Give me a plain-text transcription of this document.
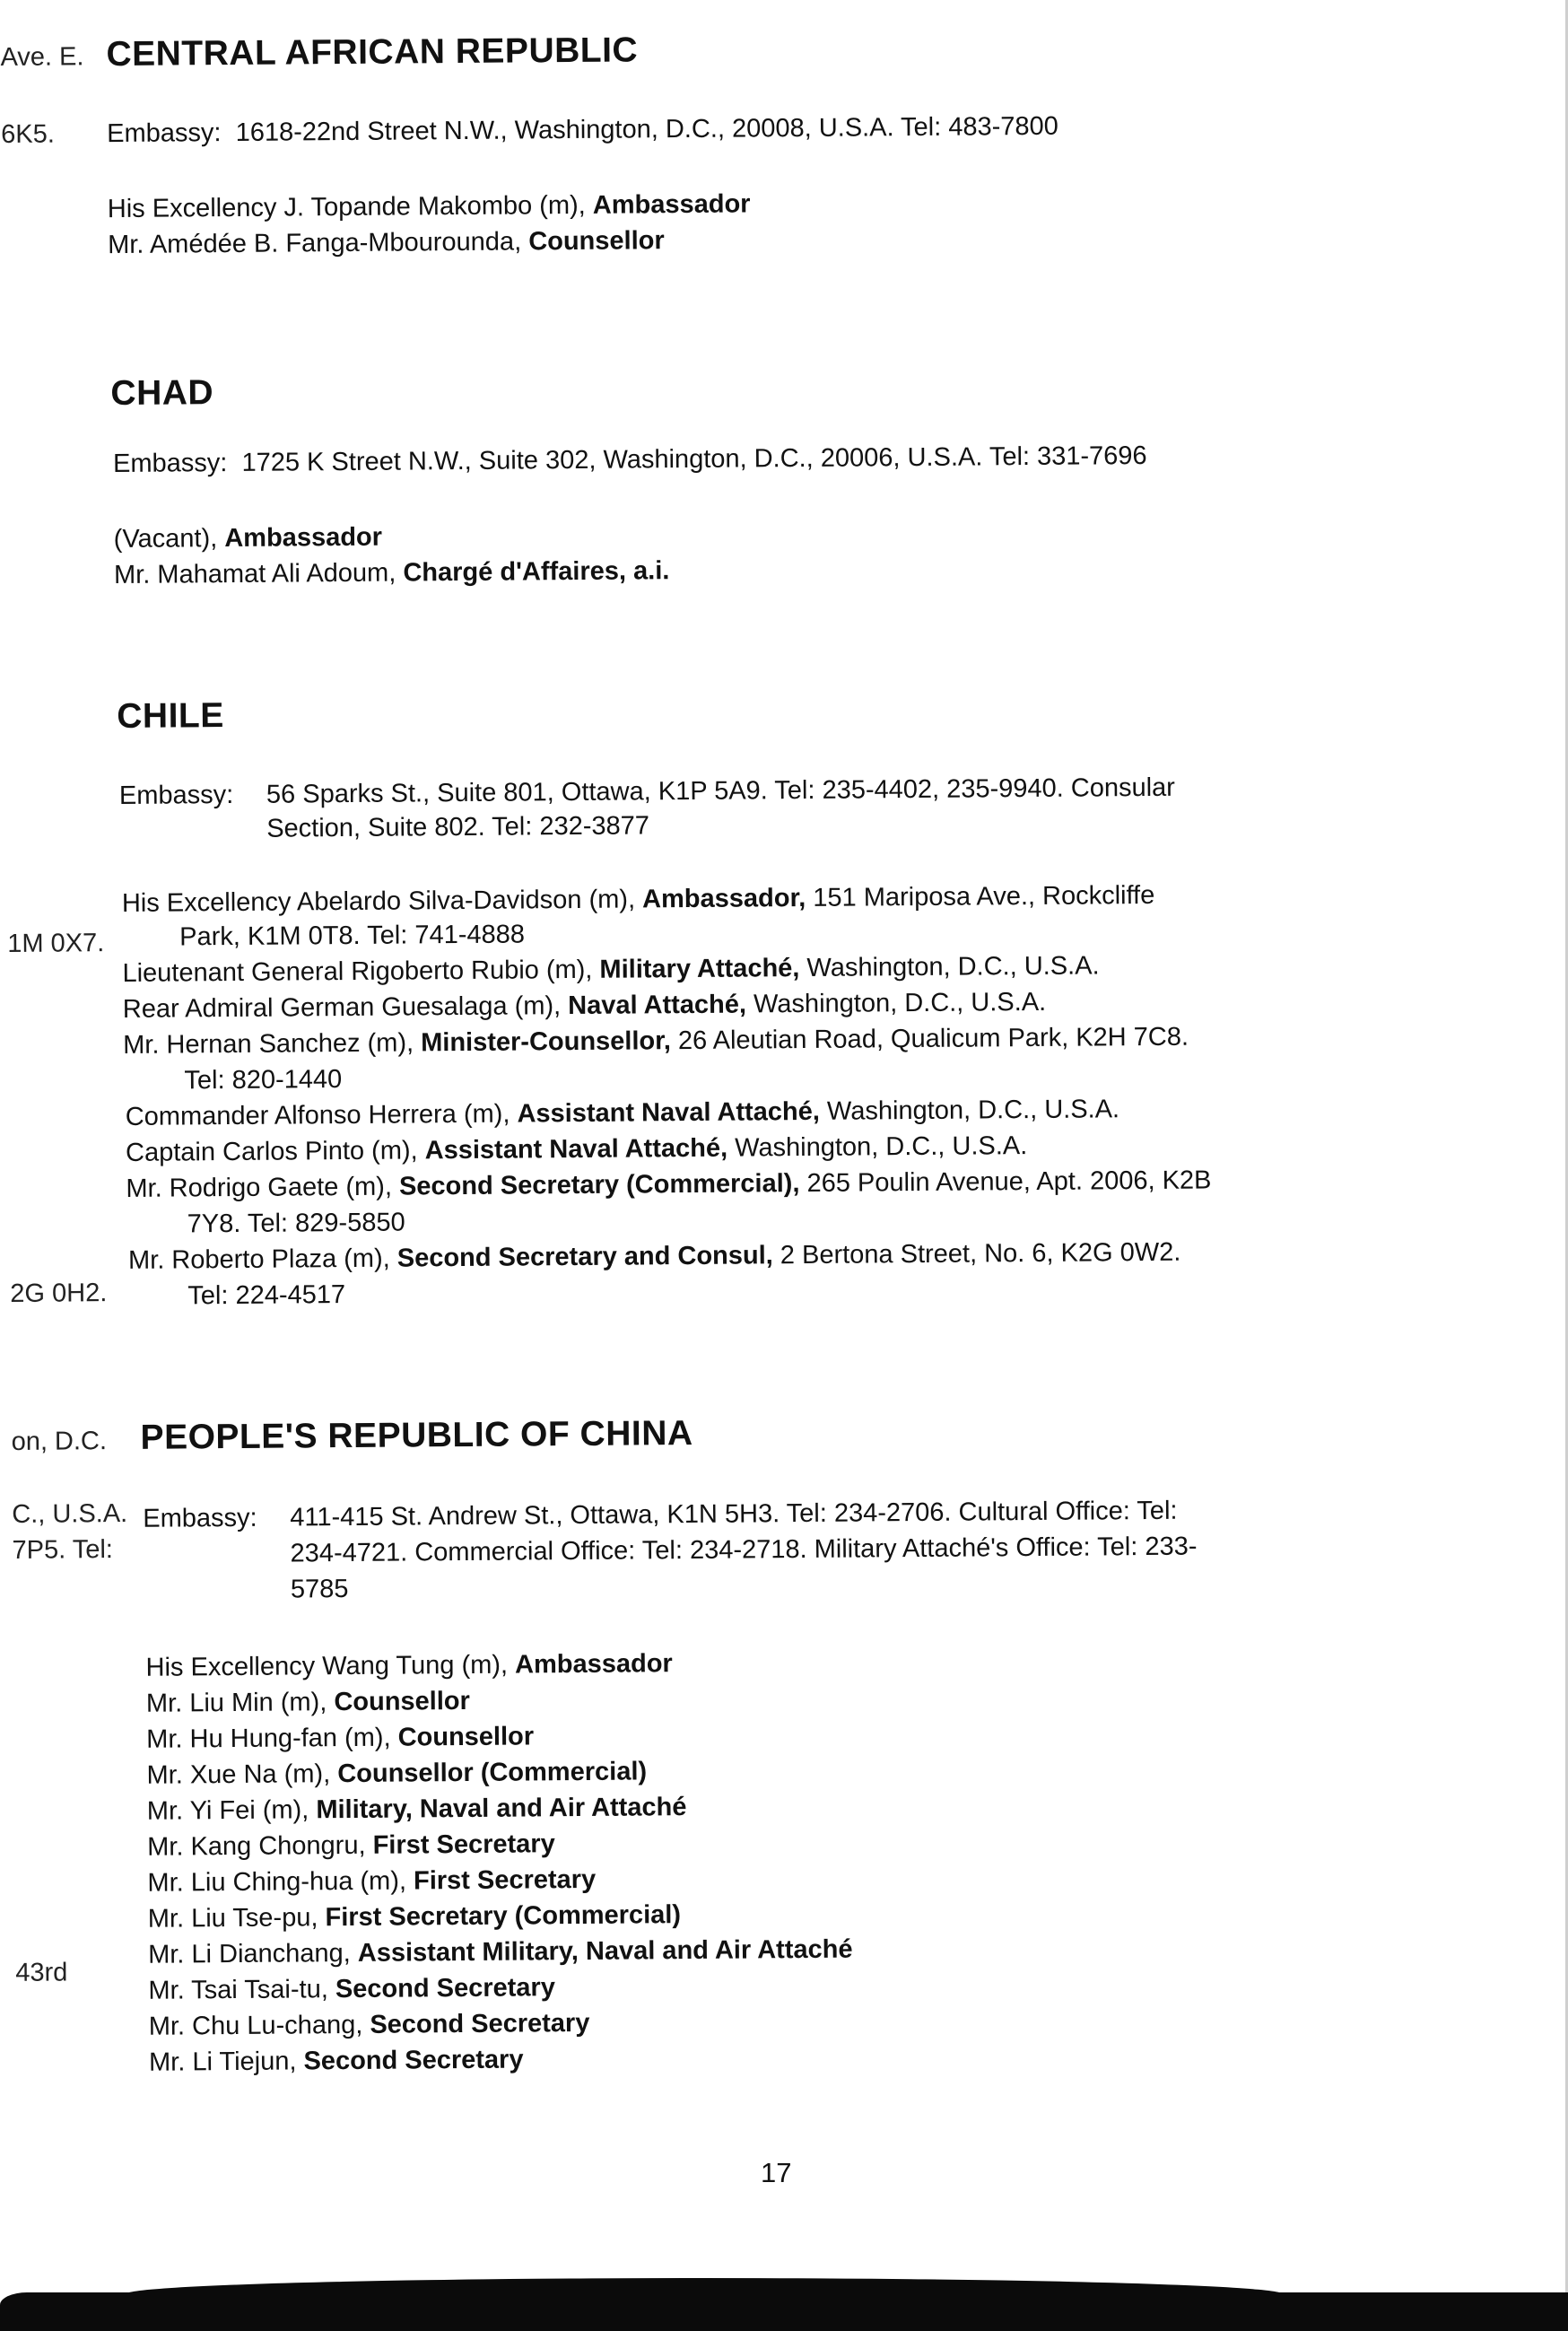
Ave. E.
6K5.
1M 0X7.
2G 0H2.
on, D.C.
C., U.S.A.
7P5. Tel:
43rd
CENTRAL AFRICAN REPUBLIC
Embassy: 1618-22nd Street N.W., Washington, D.C., 20008, U.S.A. Tel: 483-7800
His Excellency J. Topande Makombo (m), Ambassador
Mr. Amédée B. Fanga-Mbourounda, Counsellor
CHAD
Embassy: 1725 K Street N.W., Suite 302, Washington, D.C., 20006, U.S.A. Tel: 331-7696
(Vacant), Ambassador
Mr. Mahamat Ali Adoum, Chargé d'Affaires, a.i.
CHILE
Embassy: 56 Sparks St., Suite 801, Ottawa, K1P 5A9. Tel: 235-4402, 235-9940. Consular
Section, Suite 802. Tel: 232-3877
His Excellency Abelardo Silva-Davidson (m), Ambassador, 151 Mariposa Ave., Rockcliffe
Park, K1M 0T8. Tel: 741-4888
Lieutenant General Rigoberto Rubio (m), Military Attaché, Washington, D.C., U.S.A.
Rear Admiral German Guesalaga (m), Naval Attaché, Washington, D.C., U.S.A.
Mr. Hernan Sanchez (m), Minister-Counsellor, 26 Aleutian Road, Qualicum Park, K2H 7C8.
Tel: 820-1440
Commander Alfonso Herrera (m), Assistant Naval Attaché, Washington, D.C., U.S.A.
Captain Carlos Pinto (m), Assistant Naval Attaché, Washington, D.C., U.S.A.
Mr. Rodrigo Gaete (m), Second Secretary (Commercial), 265 Poulin Avenue, Apt. 2006, K2B
7Y8. Tel: 829-5850
Mr. Roberto Plaza (m), Second Secretary and Consul, 2 Bertona Street, No. 6, K2G 0W2.
Tel: 224-4517
PEOPLE'S REPUBLIC OF CHINA
Embassy: 411-415 St. Andrew St., Ottawa, K1N 5H3. Tel: 234-2706. Cultural Office: Tel:
234-4721. Commercial Office: Tel: 234-2718. Military Attaché's Office: Tel: 233-
5785
His Excellency Wang Tung (m), Ambassador
Mr. Liu Min (m), Counsellor
Mr. Hu Hung-fan (m), Counsellor
Mr. Xue Na (m), Counsellor (Commercial)
Mr. Yi Fei (m), Military, Naval and Air Attaché
Mr. Kang Chongru, First Secretary
Mr. Liu Ching-hua (m), First Secretary
Mr. Liu Tse-pu, First Secretary (Commercial)
Mr. Li Dianchang, Assistant Military, Naval and Air Attaché
Mr. Tsai Tsai-tu, Second Secretary
Mr. Chu Lu-chang, Second Secretary
Mr. Li Tiejun, Second Secretary
17
